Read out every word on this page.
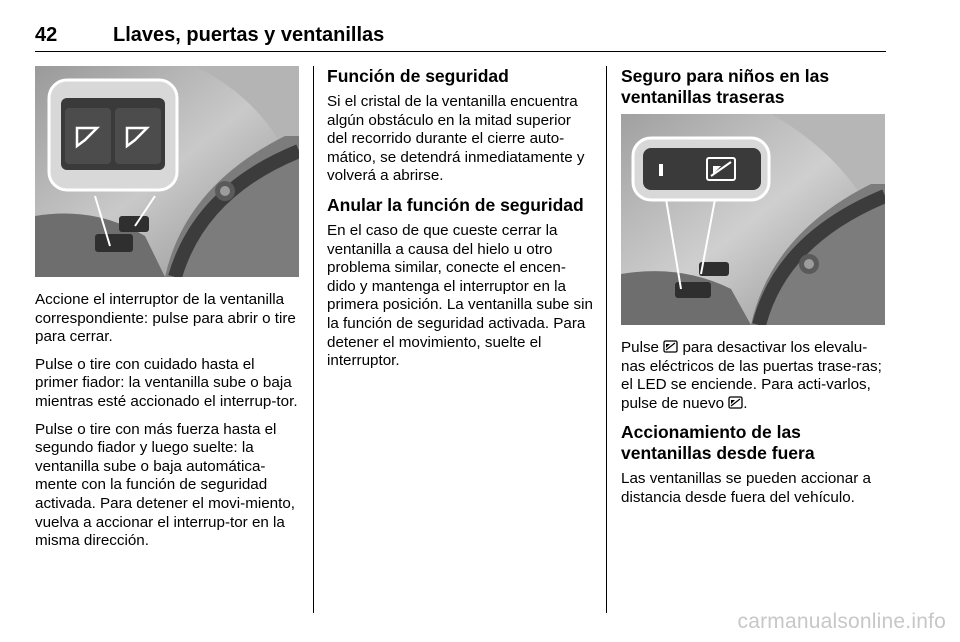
42	Llaves, puertas y ventanillas

Accione el interruptor de la ventanilla correspondiente: pulse para abrir o tire para cerrar.

Pulse o tire con cuidado hasta el primer fiador: la ventanilla sube o baja mientras esté accionado el interrup‐tor.

Pulse o tire con más fuerza hasta el segundo fiador y luego suelte: la ventanilla sube o baja automática‐mente con la función de seguridad activada. Para detener el movi‐miento, vuelva a accionar el interrup‐tor en la misma dirección.

Función de seguridad

Si el cristal de la ventanilla encuentra algún obstáculo en la mitad superior del recorrido durante el cierre auto‐mático, se detendrá inmediatamente y volverá a abrirse.

Anular la función de seguridad

En el caso de que cueste cerrar la ventanilla a causa del hielo u otro problema similar, conecte el encen‐dido y mantenga el interruptor en la primera posición. La ventanilla sube sin la función de seguridad activada. Para detener el movimiento, suelte el interruptor.

Seguro para niños en las ventanillas traseras

Pulse  para desactivar los elevalu‐nas eléctricos de las puertas trase‐ras; el LED se enciende. Para acti‐varlos, pulse de nuevo .

Accionamiento de las ventanillas desde fuera

Las ventanillas se pueden accionar a distancia desde fuera del vehículo.

carmanualsonline.info
